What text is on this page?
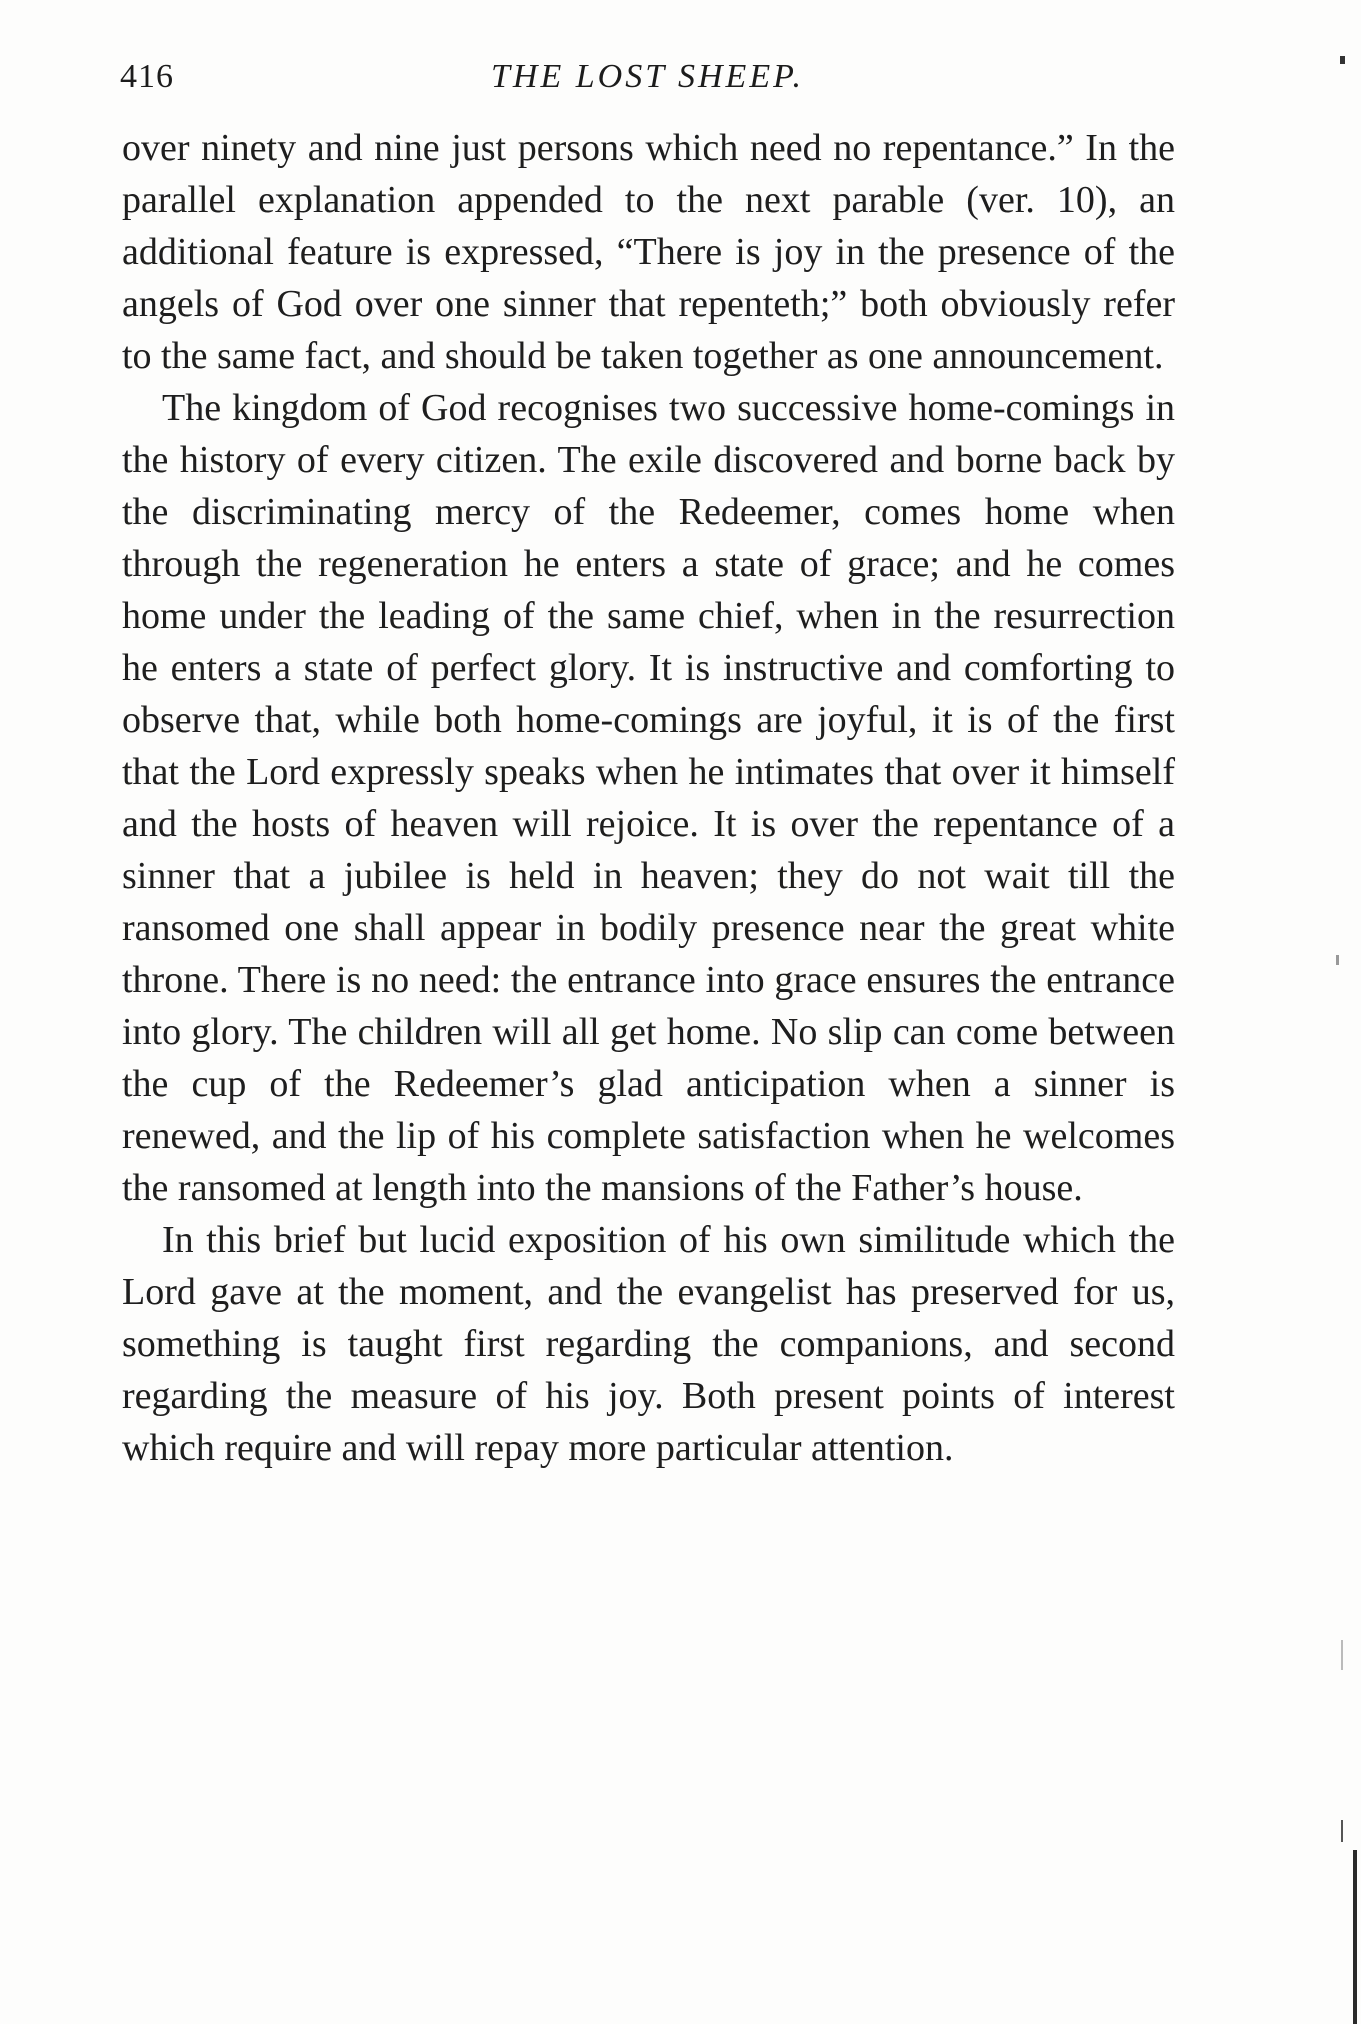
416	THE LOST SHEEP.

over ninety and nine just persons which need no repentance.” In the parallel explanation appended to the next parable (ver. 10), an additional feature is expressed, “There is joy in the presence of the angels of God over one sinner that repenteth;” both obviously refer to the same fact, and should be taken together as one announcement.

The kingdom of God recognises two successive home-comings in the history of every citizen. The exile discovered and borne back by the discriminating mercy of the Redeemer, comes home when through the regeneration he enters a state of grace; and he comes home under the leading of the same chief, when in the resurrection he enters a state of perfect glory. It is instructive and comforting to observe that, while both home-comings are joyful, it is of the first that the Lord expressly speaks when he intimates that over it himself and the hosts of heaven will rejoice. It is over the repentance of a sinner that a jubilee is held in heaven; they do not wait till the ransomed one shall appear in bodily presence near the great white throne. There is no need: the entrance into grace ensures the entrance into glory. The children will all get home. No slip can come between the cup of the Redeemer’s glad anticipation when a sinner is renewed, and the lip of his complete satisfaction when he welcomes the ransomed at length into the mansions of the Father’s house.

In this brief but lucid exposition of his own similitude which the Lord gave at the moment, and the evangelist has preserved for us, something is taught first regarding the companions, and second regarding the measure of his joy. Both present points of interest which require and will repay more particular attention.
